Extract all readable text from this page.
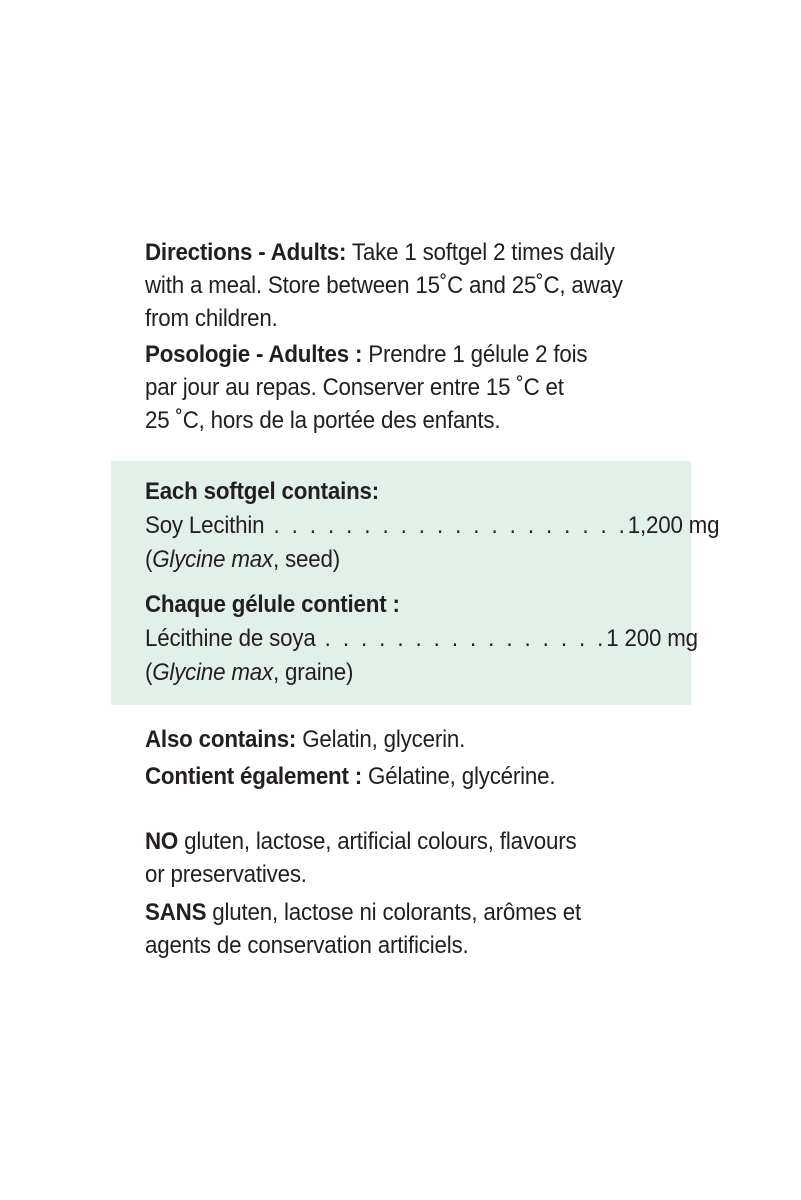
Directions - Adults: Take 1 softgel 2 times daily
with a meal. Store between 15˚C and 25˚C, away
from children.
Posologie - Adultes : Prendre 1 gélule 2 fois
par jour au repas. Conserver entre 15 ˚C et
25 ˚C, hors de la portée des enfants.
Each softgel contains:
Soy Lecithin . . . . . . . . . . . . . . . . . . . .1,200 mg
(Glycine max, seed)
Chaque gélule contient :
Lécithine de soya . . . . . . . . . . . . . . . .1 200 mg
(Glycine max, graine)
Also contains: Gelatin, glycerin.
Contient également : Gélatine, glycérine.
NO gluten, lactose, artificial colours, flavours
or preservatives.
SANS gluten, lactose ni colorants, arômes et
agents de conservation artificiels.
